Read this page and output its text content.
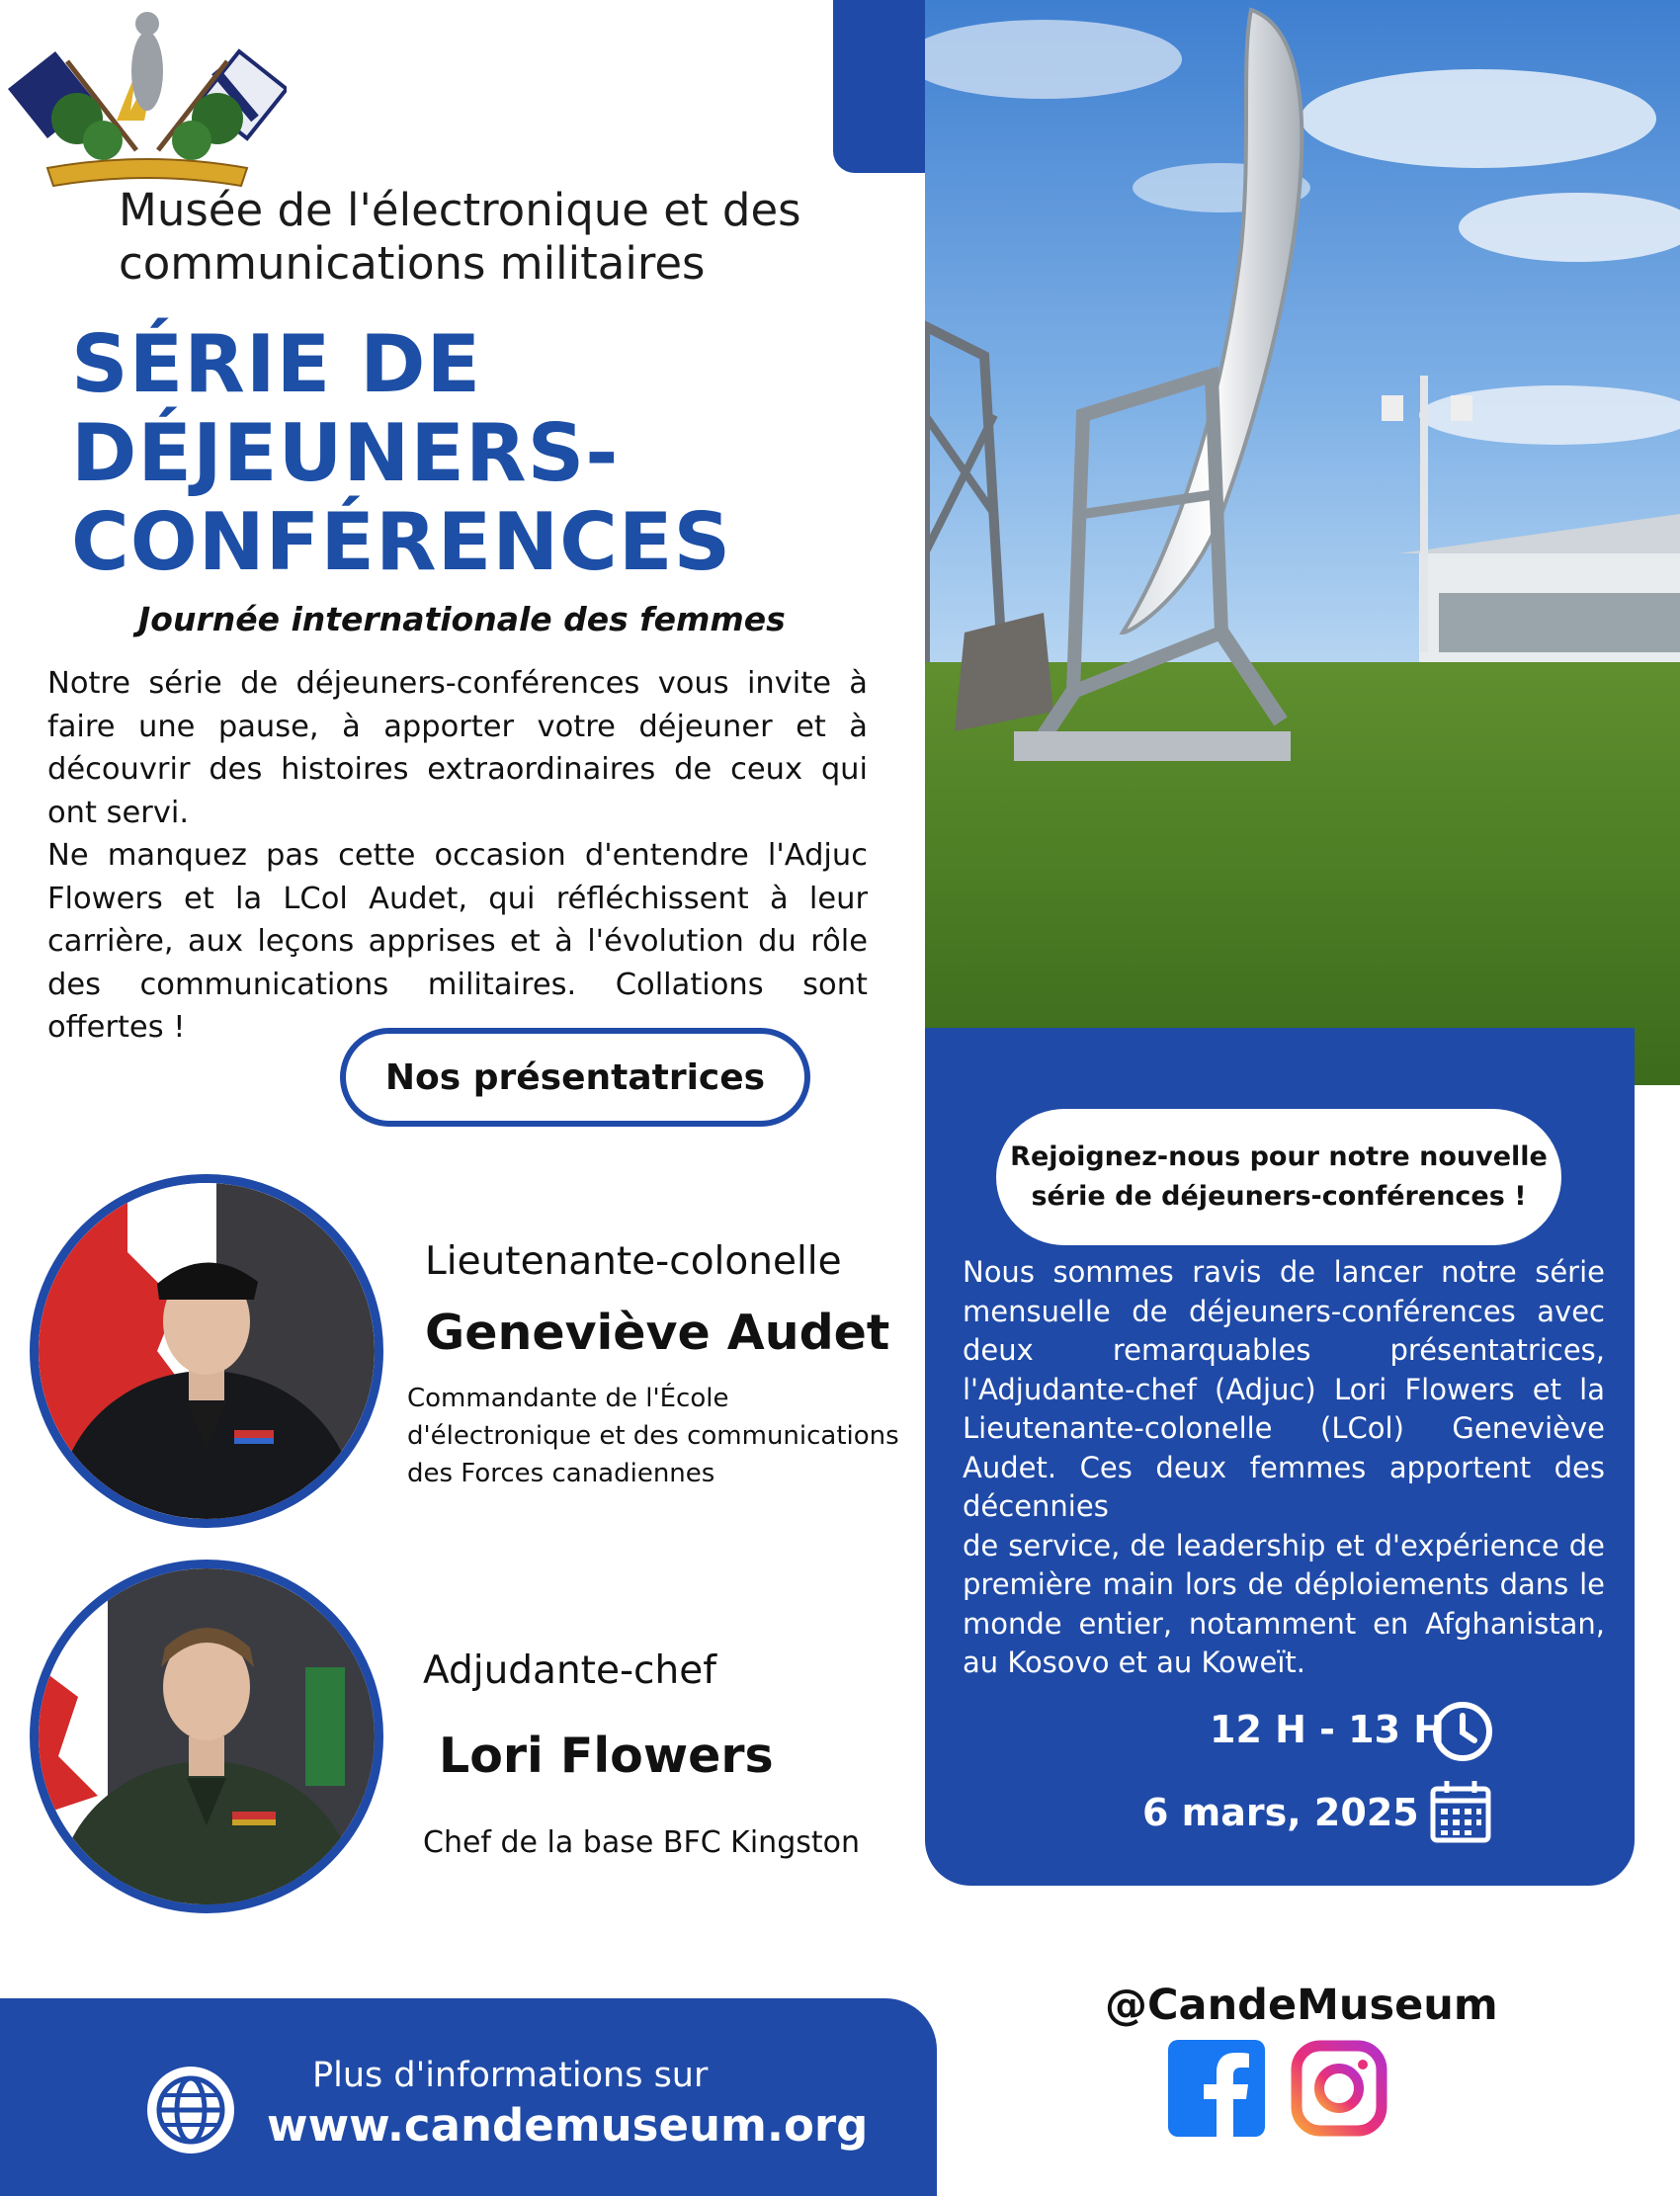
Musée de l'électronique et des communications militaires
SÉRIE DE
DÉJEUNERS-
CONFÉRENCES
Journée internationale des femmes

Notre série de déjeuners-conférences vous invite à faire une pause, à apporter votre déjeuner et à découvrir des histoires extraordinaires de ceux qui ont servi.

Ne manquez pas cette occasion d'entendre l'Adjuc Flowers et la LCol Audet, qui réfléchissent à leur carrière, aux leçons apprises et à l'évolution du rôle des communications militaires. Collations sont offertes !

Nos présentatrices
Lieutenante-colonelle
Geneviève Audet
Commandante de l'École
d'électronique et des communications
des Forces canadiennes
Adjudante-chef
Lori Flowers
Chef de la base BFC Kingston
Rejoignez-nous pour notre nouvelle
série de déjeuners-conférences !

Nous sommes ravis de lancer notre série mensuelle de déjeuners-conférences avec deux remarquables présentatrices, l'Adjudante-chef (Adjuc) Lori Flowers et la Lieutenante-colonelle (LCol) Geneviève Audet. Ces deux femmes apportent des décennies

de service, de leadership et d'expérience de première main lors de déploiements dans le monde entier, notamment en Afghanistan, au Kosovo et au Koweït.

12 H - 13 H
6 mars, 2025
Plus d'informations sur
www.candemuseum.org
@CandeMuseum
